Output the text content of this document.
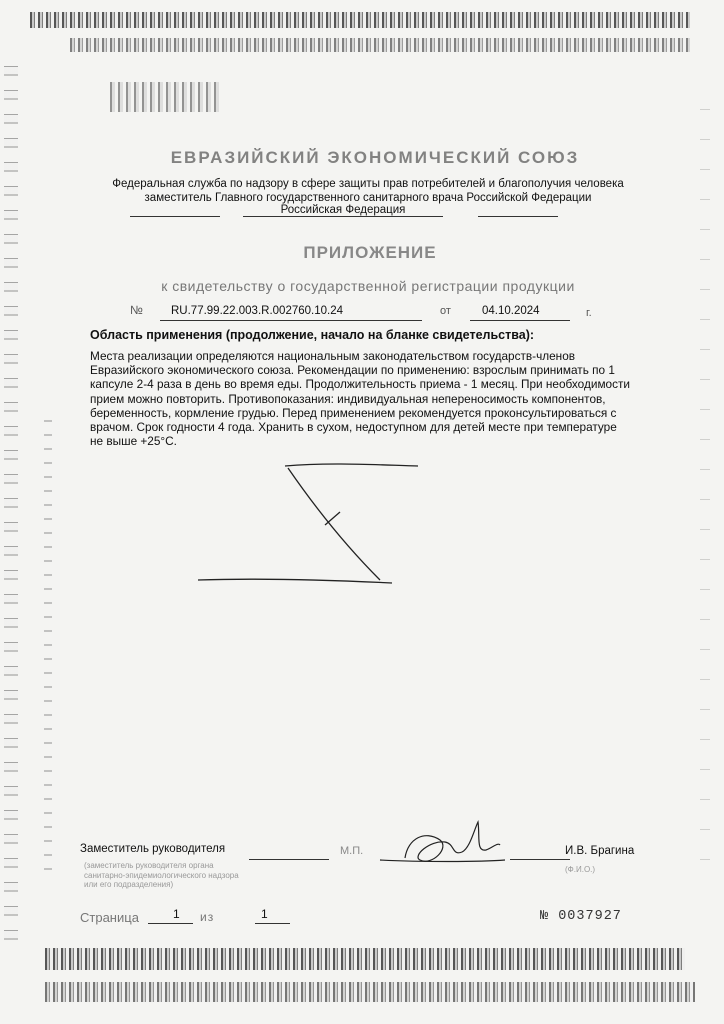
ЕВРАЗИЙСКИЙ ЭКОНОМИЧЕСКИЙ СОЮЗ
Федеральная служба по надзору в сфере защиты прав потребителей и благополучия человека заместитель Главного государственного санитарного врача Российской Федерации
Российская Федерация
ПРИЛОЖЕНИЕ
к свидетельству о государственной регистрации продукции
№ RU.77.99.22.003.R.002760.10.24	от	04.10.2024	г.
Область применения (продолжение, начало на бланке свидетельства):
Места реализации определяются национальным законодательством государств-членов
Евразийского экономического союза. Рекомендации по применению: взрослым принимать по 1
капсуле 2-4 раза в день во время еды. Продолжительность приема - 1 месяц. При необходимости
прием можно повторить. Противопоказания: индивидуальная непереносимость компонентов,
беременность, кормление грудью. Перед применением рекомендуется проконсультироваться с
врачом. Срок годности 4 года. Хранить в сухом, недоступном для детей месте при температуре
не выше +25°C.
Заместитель руководителя	М.П.	И.В. Брагина
(Ф.И.О.)
(заместитель руководителя органа
санитарно-эпидемиологического надзора
или его подразделения)
Страница	1 из	1	№ 0037927
